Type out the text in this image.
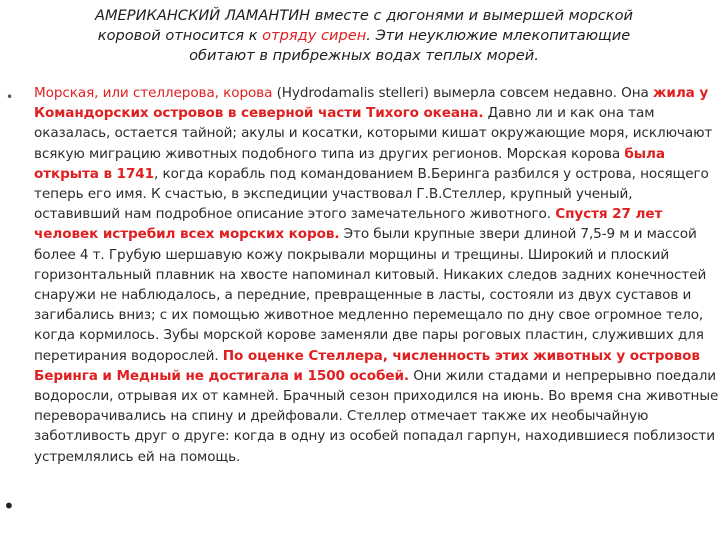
АМЕРИКАНСКИЙ ЛАМАНТИН вместе с дюгонями и вымершей морской
коровой относится к отряду сирен. Эти неуклюжие млекопитающие
обитают в прибрежных водах теплых морей.
• Морская, или стеллерова, корова (Hydrodamalis stelleri) вымерла совсем недавно. Она жила у Командорских островов в северной части Тихого океана. Давно ли и как она там оказалась, остается тайной; акулы и косатки, которыми кишат окружающие моря, исключают всякую миграцию животных подобного типа из других регионов. Морская корова была открыта в 1741, когда корабль под командованием В.Беринга разбился у острова, носящего теперь его имя. К счастью, в экспедиции участвовал Г.В.Стеллер, крупный ученый, оставивший нам подробное описание этого замечательного животного. Спустя 27 лет человек истребил всех морских коров. Это были крупные звери длиной 7,5-9 м и массой более 4 т. Грубую шершавую кожу покрывали морщины и трещины. Широкий и плоский горизонтальный плавник на хвосте напоминал китовый. Никаких следов задних конечностей снаружи не наблюдалось, а передние, превращенные в ласты, состояли из двух суставов и загибались вниз; с их помощью животное медленно перемещало по дну свое огромное тело, когда кормилось. Зубы морской корове заменяли две пары роговых пластин, служивших для перетирания водорослей. По оценке Стеллера, численность этих животных у островов Беринга и Медный не достигала и 1500 особей. Они жили стадами и непрерывно поедали водоросли, отрывая их от камней. Брачный сезон приходился на июнь. Во время сна животные переворачивались на спину и дрейфовали. Стеллер отмечает также их необычайную заботливость друг о друге: когда в одну из особей попадал гарпун, находившиеся поблизости устремлялись ей на помощь.
•
